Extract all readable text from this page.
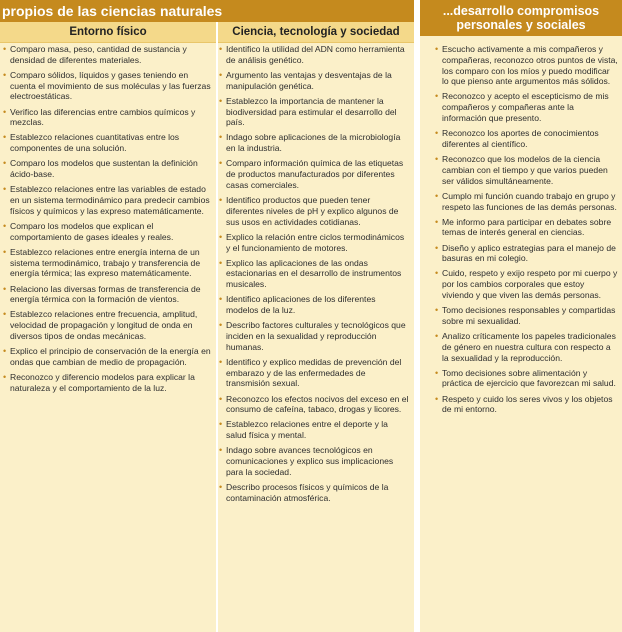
propios de las ciencias naturales
Entorno físico
• Comparo masa, peso, cantidad de sustancia y densidad de diferentes materiales.
• Comparo sólidos, líquidos y gases teniendo en cuenta el movimiento de sus moléculas y las fuerzas electroestáticas.
• Verifico las diferencias entre cambios químicos y mezclas.
• Establezco relaciones cuantitativas entre los componentes de una solución.
• Comparo los modelos que sustentan la definición ácido-base.
• Establezco relaciones entre las variables de estado en un sistema termodinámico para predecir cambios físicos y químicos y las expreso matemáticamente.
• Comparo los modelos que explican el comportamiento de gases ideales y reales.
• Establezco relaciones entre energía interna de un sistema termodinámico, trabajo y transferencia de energía térmica; las expreso matemáticamente.
• Relaciono las diversas formas de transferencia de energía térmica con la formación de vientos.
• Establezco relaciones entre frecuencia, amplitud, velocidad de propagación y longitud de onda en diversos tipos de ondas mecánicas.
• Explico el principio de conservación de la energía en ondas que cambian de medio de propagación.
• Reconozco y diferencio modelos para explicar la naturaleza y el comportamiento de la luz.
Ciencia, tecnología y sociedad
• Identifico la utilidad del ADN como herramienta de análisis genético.
• Argumento las ventajas y desventajas de la manipulación genética.
• Establezco la importancia de mantener la biodiversidad para estimular el desarrollo del país.
• Indago sobre aplicaciones de la microbiología en la industria.
• Comparo información química de las etiquetas de productos manufacturados por diferentes casas comerciales.
• Identifico productos que pueden tener diferentes niveles de pH y explico algunos de sus usos en actividades cotidianas.
• Explico la relación entre ciclos termodinámicos y el funcionamiento de motores.
• Explico las aplicaciones de las ondas estacionarias en el desarrollo de instrumentos musicales.
• Identifico aplicaciones de los diferentes modelos de la luz.
• Describo factores culturales y tecnológicos que inciden en la sexualidad y reproducción humanas.
• Identifico y explico medidas de prevención del embarazo y de las enfermedades de transmisión sexual.
• Reconozco los efectos nocivos del exceso en el consumo de cafeína, tabaco, drogas y licores.
• Establezco relaciones entre el deporte y la salud física y mental.
• Indago sobre avances tecnológicos en comunicaciones y explico sus implicaciones para la sociedad.
• Describo procesos físicos y químicos de la contaminación atmosférica.
...desarrollo compromisos
personales y sociales
• Escucho activamente a mis compañeros y compañeras, reconozco otros puntos de vista, los comparo con los míos y puedo modificar lo que pienso ante argumentos más sólidos.
• Reconozco y acepto el escepticismo de mis compañeros y compañeras ante la información que presento.
• Reconozco los aportes de conocimientos diferentes al científico.
• Reconozco que los modelos de la ciencia cambian con el tiempo y que varios pueden ser válidos simultáneamente.
• Cumplo mi función cuando trabajo en grupo y respeto las funciones de las demás personas.
• Me informo para participar en debates sobre temas de interés general en ciencias.
• Diseño y aplico estrategias para el manejo de basuras en mi colegio.
• Cuido, respeto y exijo respeto por mi cuerpo y por los cambios corporales que estoy viviendo y que viven las demás personas.
• Tomo decisiones responsables y compartidas sobre mi sexualidad.
• Analizo críticamente los papeles tradicionales de género en nuestra cultura con respecto a la sexualidad y la reproducción.
• Tomo decisiones sobre alimentación y práctica de ejercicio que favorezcan mi salud.
• Respeto y cuido los seres vivos y los objetos de mi entorno.
